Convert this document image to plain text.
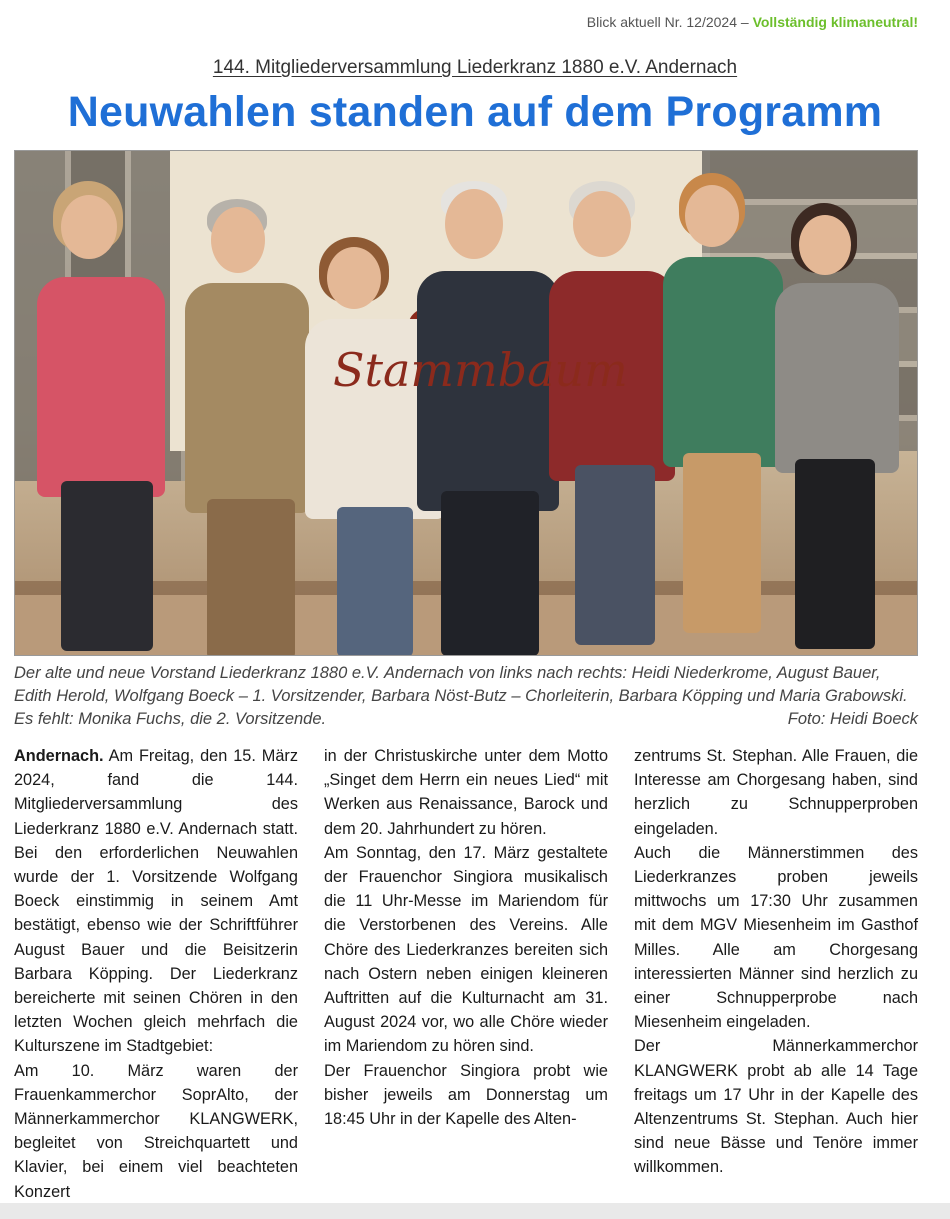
Blick aktuell Nr. 12/2024 – Vollständig klimaneutral!
144. Mitgliederversammlung Liederkranz 1880 e.V. Andernach
Neuwahlen standen auf dem Programm
Stammbaum
Der alte und neue Vorstand Liederkranz 1880 e.V. Andernach von links nach rechts: Heidi Niederkrome, August Bauer, Edith Herold, Wolfgang Boeck – 1. Vorsitzender, Barbara Nöst-Butz – Chorleiterin, Barbara Köpping und Maria Grabowski. Es fehlt: Monika Fuchs, die 2. Vorsitzende.	Foto: Heidi Boeck

Andernach. Am Freitag, den 15. März 2024, fand die 144. Mitgliederversammlung des Liederkranz 1880 e.V. Andernach statt. Bei den erforderlichen Neuwahlen wurde der 1. Vorsitzende Wolfgang Boeck einstimmig in seinem Amt bestätigt, ebenso wie der Schriftführer August Bauer und die Beisitzerin Barbara Köpping. Der Liederkranz bereicherte mit seinen Chören in den letzten Wochen gleich mehrfach die Kulturszene im Stadtgebiet:

Am 10. März waren der Frauenkammerchor SoprAlto, der Männerkammerchor KLANGWERK, begleitet von Streichquartett und Klavier, bei einem viel beachteten Konzert

in der Christuskirche unter dem Motto „Singet dem Herrn ein neues Lied“ mit Werken aus Renaissance, Barock und dem 20. Jahrhundert zu hören.

Am Sonntag, den 17. März gestaltete der Frauenchor Singiora musikalisch die 11 Uhr-Messe im Mariendom für die Verstorbenen des Vereins. Alle Chöre des Liederkranzes bereiten sich nach Ostern neben einigen kleineren Auftritten auf die Kulturnacht am 31. August 2024 vor, wo alle Chöre wieder im Mariendom zu hören sind.

Der Frauenchor Singiora probt wie bisher jeweils am Donnerstag um 18:45 Uhr in der Kapelle des Alten-

zentrums St. Stephan. Alle Frauen, die Interesse am Chorgesang haben, sind herzlich zu Schnupperproben eingeladen.

Auch die Männerstimmen des Liederkranzes proben jeweils mittwochs um 17:30 Uhr zusammen mit dem MGV Miesenheim im Gasthof Milles. Alle am Chorgesang interessierten Männer sind herzlich zu einer Schnupperprobe nach Miesenheim eingeladen.

Der Männerkammerchor KLANGWERK probt ab alle 14 Tage freitags um 17 Uhr in der Kapelle des Altenzentrums St. Stephan. Auch hier sind neue Bässe und Tenöre immer willkommen.
